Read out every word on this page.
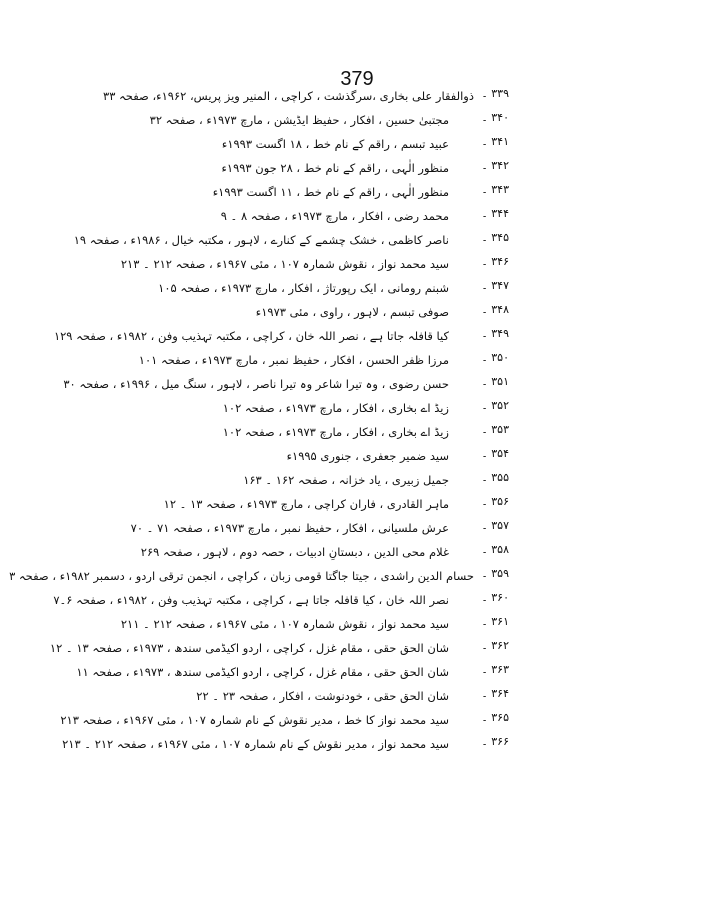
379
۳۳۹ ۔
ذوالفقار علی بخاری ،سرگذشت ، کراچی ، المنیر ویز پریس، ۱۹۶۲ء، صفحہ ۳۳
۳۴۰ ۔
مجتبیٰ حسین ، افکار ، حفیظ ایڈیشن ، مارچ ۱۹۷۳ء ، صفحہ ۳۲
۳۴۱ ۔
عبید تبسم ، راقم کے نام خط ، ۱۸ اگست ۱۹۹۳ء
۳۴۲ ۔
منظور الٰہی ، راقم کے نام خط ، ۲۸ جون ۱۹۹۳ء
۳۴۳ ۔
منظور الٰہی ، راقم کے نام خط ، ۱۱ اگست ۱۹۹۳ء
۳۴۴ ۔
محمد رضی ، افکار ، مارچ ۱۹۷۳ء ، صفحہ ۸ ۔ ۹
۳۴۵ ۔
ناصر کاظمی ، خشک چشمے کے کنارے ، لاہور ، مکتبہ خیال ، ۱۹۸۶ء ، صفحہ ۱۹
۳۴۶ ۔
سید محمد نواز ، نقوش شمارہ ۱۰۷ ، مئی ۱۹۶۷ء ، صفحہ ۲۱۲ ۔ ۲۱۳
۳۴۷ ۔
شبنم رومانی ، ایک رپورتاژ ، افکار ، مارچ ۱۹۷۳ء ، صفحہ ۱۰۵
۳۴۸ ۔
صوفی تبسم ، لاہور ، راوی ، مئی ۱۹۷۳ء
۳۴۹ ۔
کیا قافلہ جاتا ہے ، نصر اللہ خان ، کراچی ، مکتبہ تہذیب وفن ، ۱۹۸۲ء ، صفحہ ۱۲۹
۳۵۰ ۔
مرزا ظفر الحسن ، افکار ، حفیظ نمبر ، مارچ ۱۹۷۳ء ، صفحہ ۱۰۱
۳۵۱ ۔
حسن رضوی ، وہ تیرا شاعر وہ تیرا ناصر ، لاہور ، سنگ میل ، ۱۹۹۶ء ، صفحہ ۳۰
۳۵۲ ۔
زیڈ اے بخاری ، افکار ، مارچ ۱۹۷۳ء ، صفحہ ۱۰۲
۳۵۳ ۔
زیڈ اے بخاری ، افکار ، مارچ ۱۹۷۳ء ، صفحہ ۱۰۲
۳۵۴ ۔
سید ضمیر جعفری ، جنوری ۱۹۹۵ء
۳۵۵ ۔
جمیل زبیری ، یاد خزانہ ، صفحہ ۱۶۲ ۔ ۱۶۳
۳۵۶ ۔
ماہر القادری ، فاران کراچی ، مارچ ۱۹۷۳ء ، صفحہ ۱۳ ۔ ۱۲
۳۵۷ ۔
عرش ملسیانی ، افکار ، حفیظ نمبر ، مارچ ۱۹۷۳ء ، صفحہ ۷۱ ۔ ۷۰
۳۵۸ ۔
غلام محی الدین ، دبستانِ ادبیات ، حصہ دوم ، لاہور ، صفحہ ۲۶۹
۳۵۹ ۔
حسام الدین راشدی ، جیتا جاگتا قومی زبان ، کراچی ، انجمن ترقی اردو ، دسمبر ۱۹۸۲ء ، صفحہ ۳
۳۶۰ ۔
نصر اللہ خان ، کیا قافلہ جاتا ہے ، کراچی ، مکتبہ تہذیب وفن ، ۱۹۸۲ء ، صفحہ ۶۔۷
۳۶۱ ۔
سید محمد نواز ، نقوش شمارہ ۱۰۷ ، مئی ۱۹۶۷ء ، صفحہ ۲۱۲ ۔ ۲۱۱
۳۶۲ ۔
شان الحق حقی ، مقام غزل ، کراچی ، اردو اکیڈمی سندھ ، ۱۹۷۳ء ، صفحہ ۱۳ ۔ ۱۲
۳۶۳ ۔
شان الحق حقی ، مقام غزل ، کراچی ، اردو اکیڈمی سندھ ، ۱۹۷۳ء ، صفحہ ۱۱
۳۶۴ ۔
شان الحق حقی ، خودنوشت ، افکار ، صفحہ ۲۳ ۔ ۲۲
۳۶۵ ۔
سید محمد نواز کا خط ، مدیر نقوش کے نام شمارہ ۱۰۷ ، مئی ۱۹۶۷ء ، صفحہ ۲۱۳
۳۶۶ ۔
سید محمد نواز ، مدیر نقوش کے نام شمارہ ۱۰۷ ، مئی ۱۹۶۷ء ، صفحہ ۲۱۲ ۔ ۲۱۳
